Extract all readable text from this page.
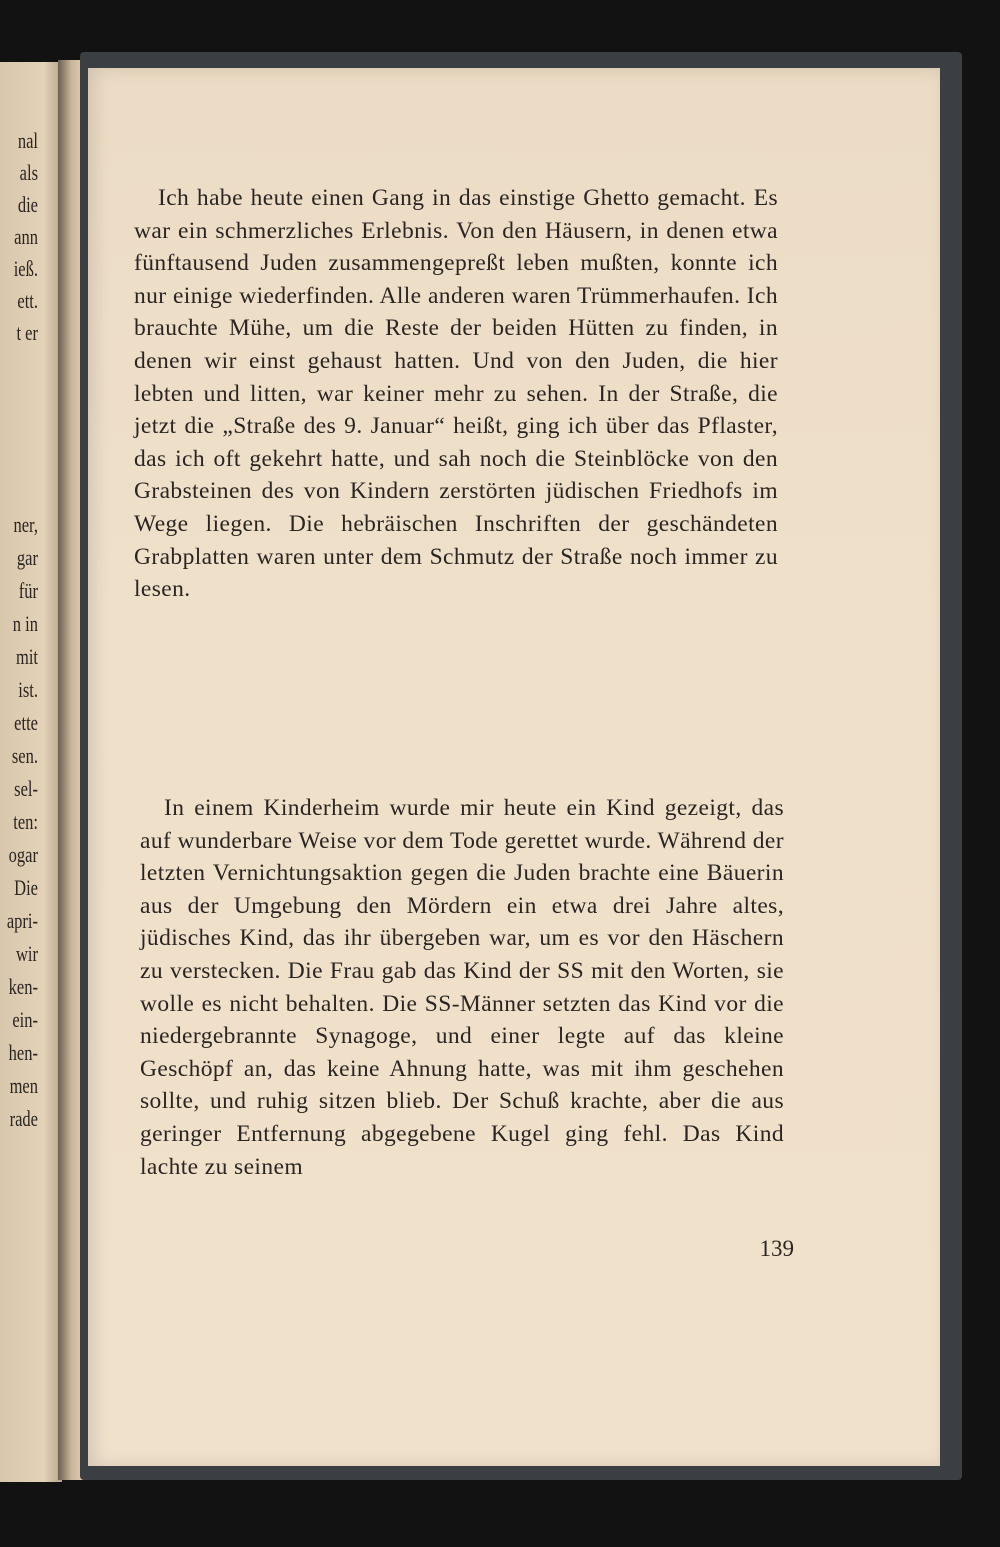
nal
als
die
ann
ieß.
ett.
t er
ner,
gar
für
n in
mit
ist.
ette
sen.
sel-
ten:
ogar
Die
apri-
wir
ken-
ein-
hen-
men
rade

Ich habe heute einen Gang in das einstige Ghetto gemacht. Es war ein schmerzliches Erlebnis. Von den Häusern, in denen etwa fünftausend Juden zusammengepreßt leben mußten, konnte ich nur einige wiederfinden. Alle anderen waren Trümmerhaufen. Ich brauchte Mühe, um die Reste der beiden Hütten zu finden, in denen wir einst gehaust hatten. Und von den Juden, die hier lebten und litten, war keiner mehr zu sehen. In der Straße, die jetzt die „Straße des 9. Januar“ heißt, ging ich über das Pflaster, das ich oft gekehrt hatte, und sah noch die Steinblöcke von den Grabsteinen des von Kindern zerstörten jüdischen Friedhofs im Wege liegen. Die hebräischen Inschriften der geschändeten Grabplatten waren unter dem Schmutz der Straße noch immer zu lesen.

In einem Kinderheim wurde mir heute ein Kind gezeigt, das auf wunderbare Weise vor dem Tode gerettet wurde. Während der letzten Vernichtungsaktion gegen die Juden brachte eine Bäuerin aus der Umgebung den Mördern ein etwa drei Jahre altes, jüdisches Kind, das ihr übergeben war, um es vor den Häschern zu verstecken. Die Frau gab das Kind der SS mit den Worten, sie wolle es nicht behalten. Die SS-Männer setzten das Kind vor die niedergebrannte Synagoge, und einer legte auf das kleine Geschöpf an, das keine Ahnung hatte, was mit ihm geschehen sollte, und ruhig sitzen blieb. Der Schuß krachte, aber die aus geringer Entfernung abgegebene Kugel ging fehl. Das Kind lachte zu seinem

139
